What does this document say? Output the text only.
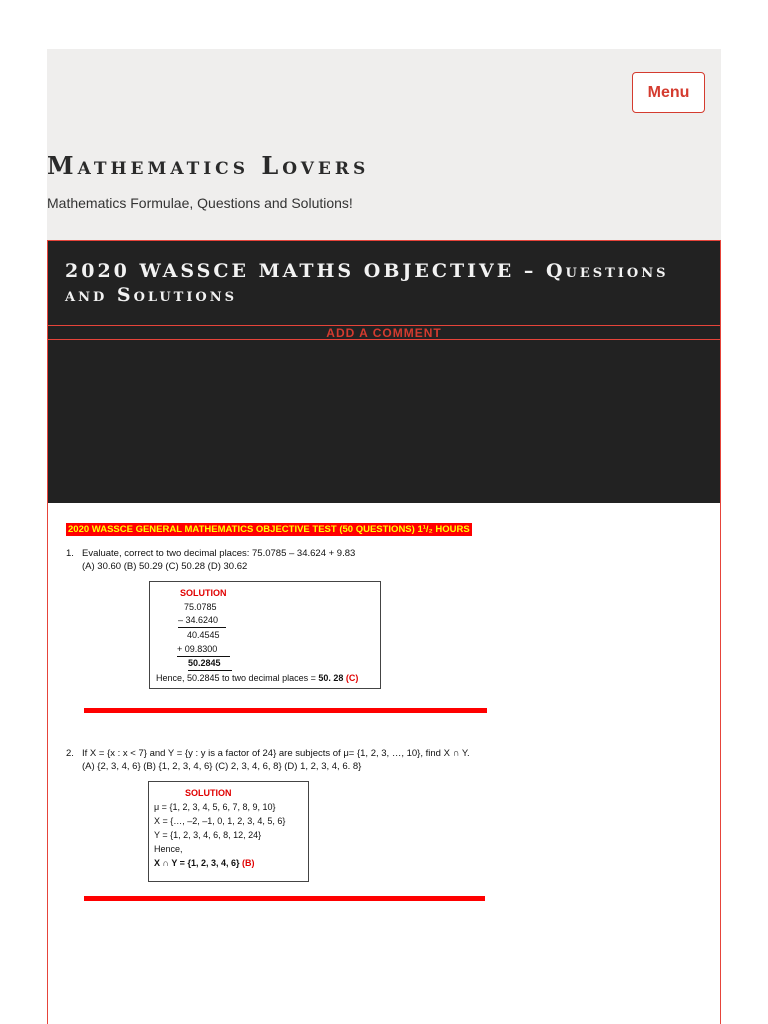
Menu
Mathematics Lovers

Mathematics Formulae, Questions and Solutions!

2020 WASSCE MATHS OBJECTIVE – Questions and Solutions
ADD A COMMENT
2020 WASSCE GENERAL MATHEMATICS OBJECTIVE TEST (50 QUESTIONS) 1¹/₂ HOURS
1. Evaluate, correct to two decimal places: 75.0785 – 34.624 + 9.83
(A) 30.60 (B) 50.29 (C) 50.28 (D) 30.62
SOLUTION
75.0785
– 34.6240
40.4545
+ 09.8300
50.2845
Hence, 50.2845 to two decimal places = 50. 28 (C)
2. If X = {x : x < 7} and Y = {y : y is a factor of 24} are subjects of μ= {1, 2, 3, …, 10}, find X ∩ Y.
(A) {2, 3, 4, 6} (B) {1, 2, 3, 4, 6} (C) 2, 3, 4, 6, 8} (D) 1, 2, 3, 4, 6. 8}
SOLUTION
μ = {1, 2, 3, 4, 5, 6, 7, 8, 9, 10}
X = {…, –2, –1, 0, 1, 2, 3, 4, 5, 6}
Y = {1, 2, 3, 4, 6, 8, 12, 24}
Hence,
X ∩ Y = {1, 2, 3, 4, 6} (B)
